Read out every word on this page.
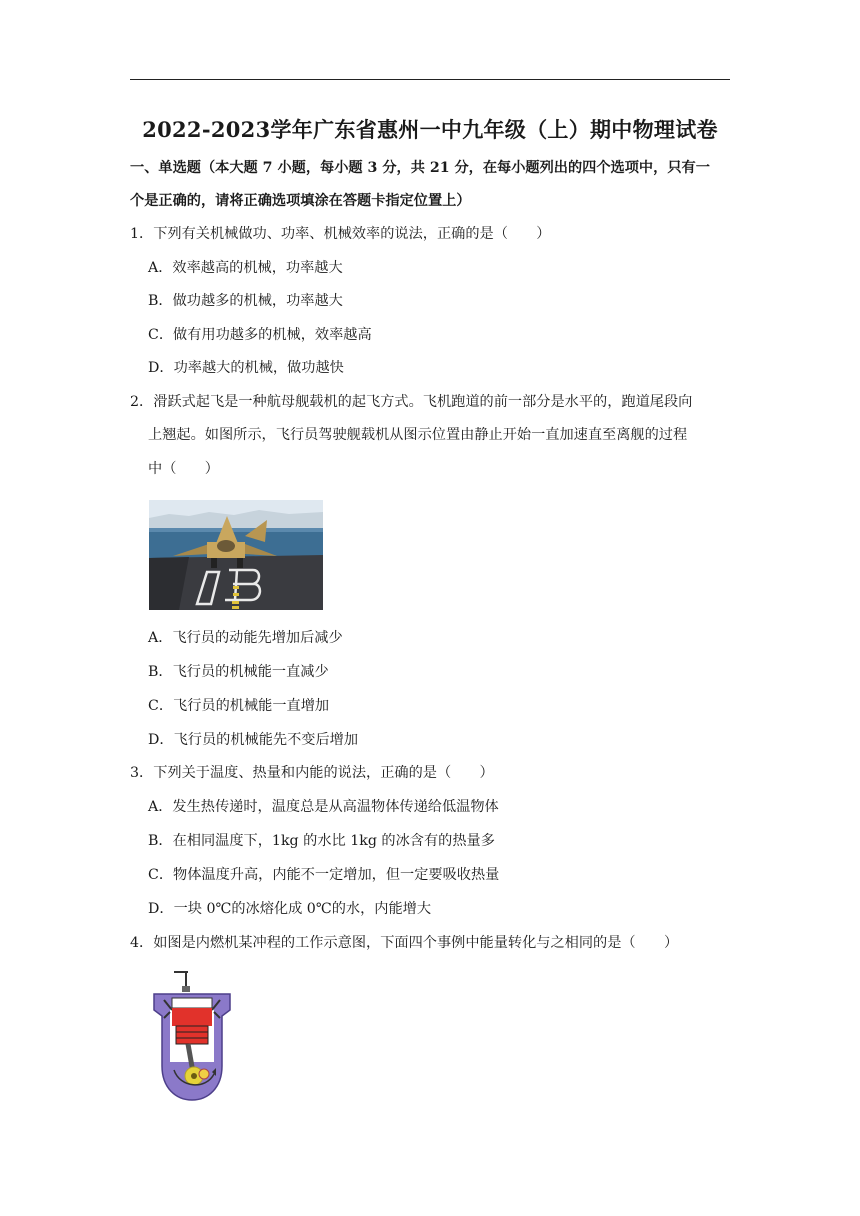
2022-2023学年广东省惠州一中九年级（上）期中物理试卷
一、单选题（本大题 7 小题，每小题 3 分，共 21 分，在每小题列出的四个选项中，只有一
个是正确的，请将正确选项填涂在答题卡指定位置上）
1．下列有关机械做功、功率、机械效率的说法，正确的是（　　）
A．效率越高的机械，功率越大
B．做功越多的机械，功率越大
C．做有用功越多的机械，效率越高
D．功率越大的机械，做功越快
2．滑跃式起飞是一种航母舰载机的起飞方式。飞机跑道的前一部分是水平的，跑道尾段向
上翘起。如图所示，飞行员驾驶舰载机从图示位置由静止开始一直加速直至离舰的过程
中（　　）
A．飞行员的动能先增加后减少
B．飞行员的机械能一直减少
C．飞行员的机械能一直增加
D．飞行员的机械能先不变后增加
3．下列关于温度、热量和内能的说法，正确的是（　　）
A．发生热传递时，温度总是从高温物体传递给低温物体
B．在相同温度下，1kg 的水比 1kg 的冰含有的热量多
C．物体温度升高，内能不一定增加，但一定要吸收热量
D．一块 0℃的冰熔化成 0℃的水，内能增大
4．如图是内燃机某冲程的工作示意图，下面四个事例中能量转化与之相同的是（　　）
